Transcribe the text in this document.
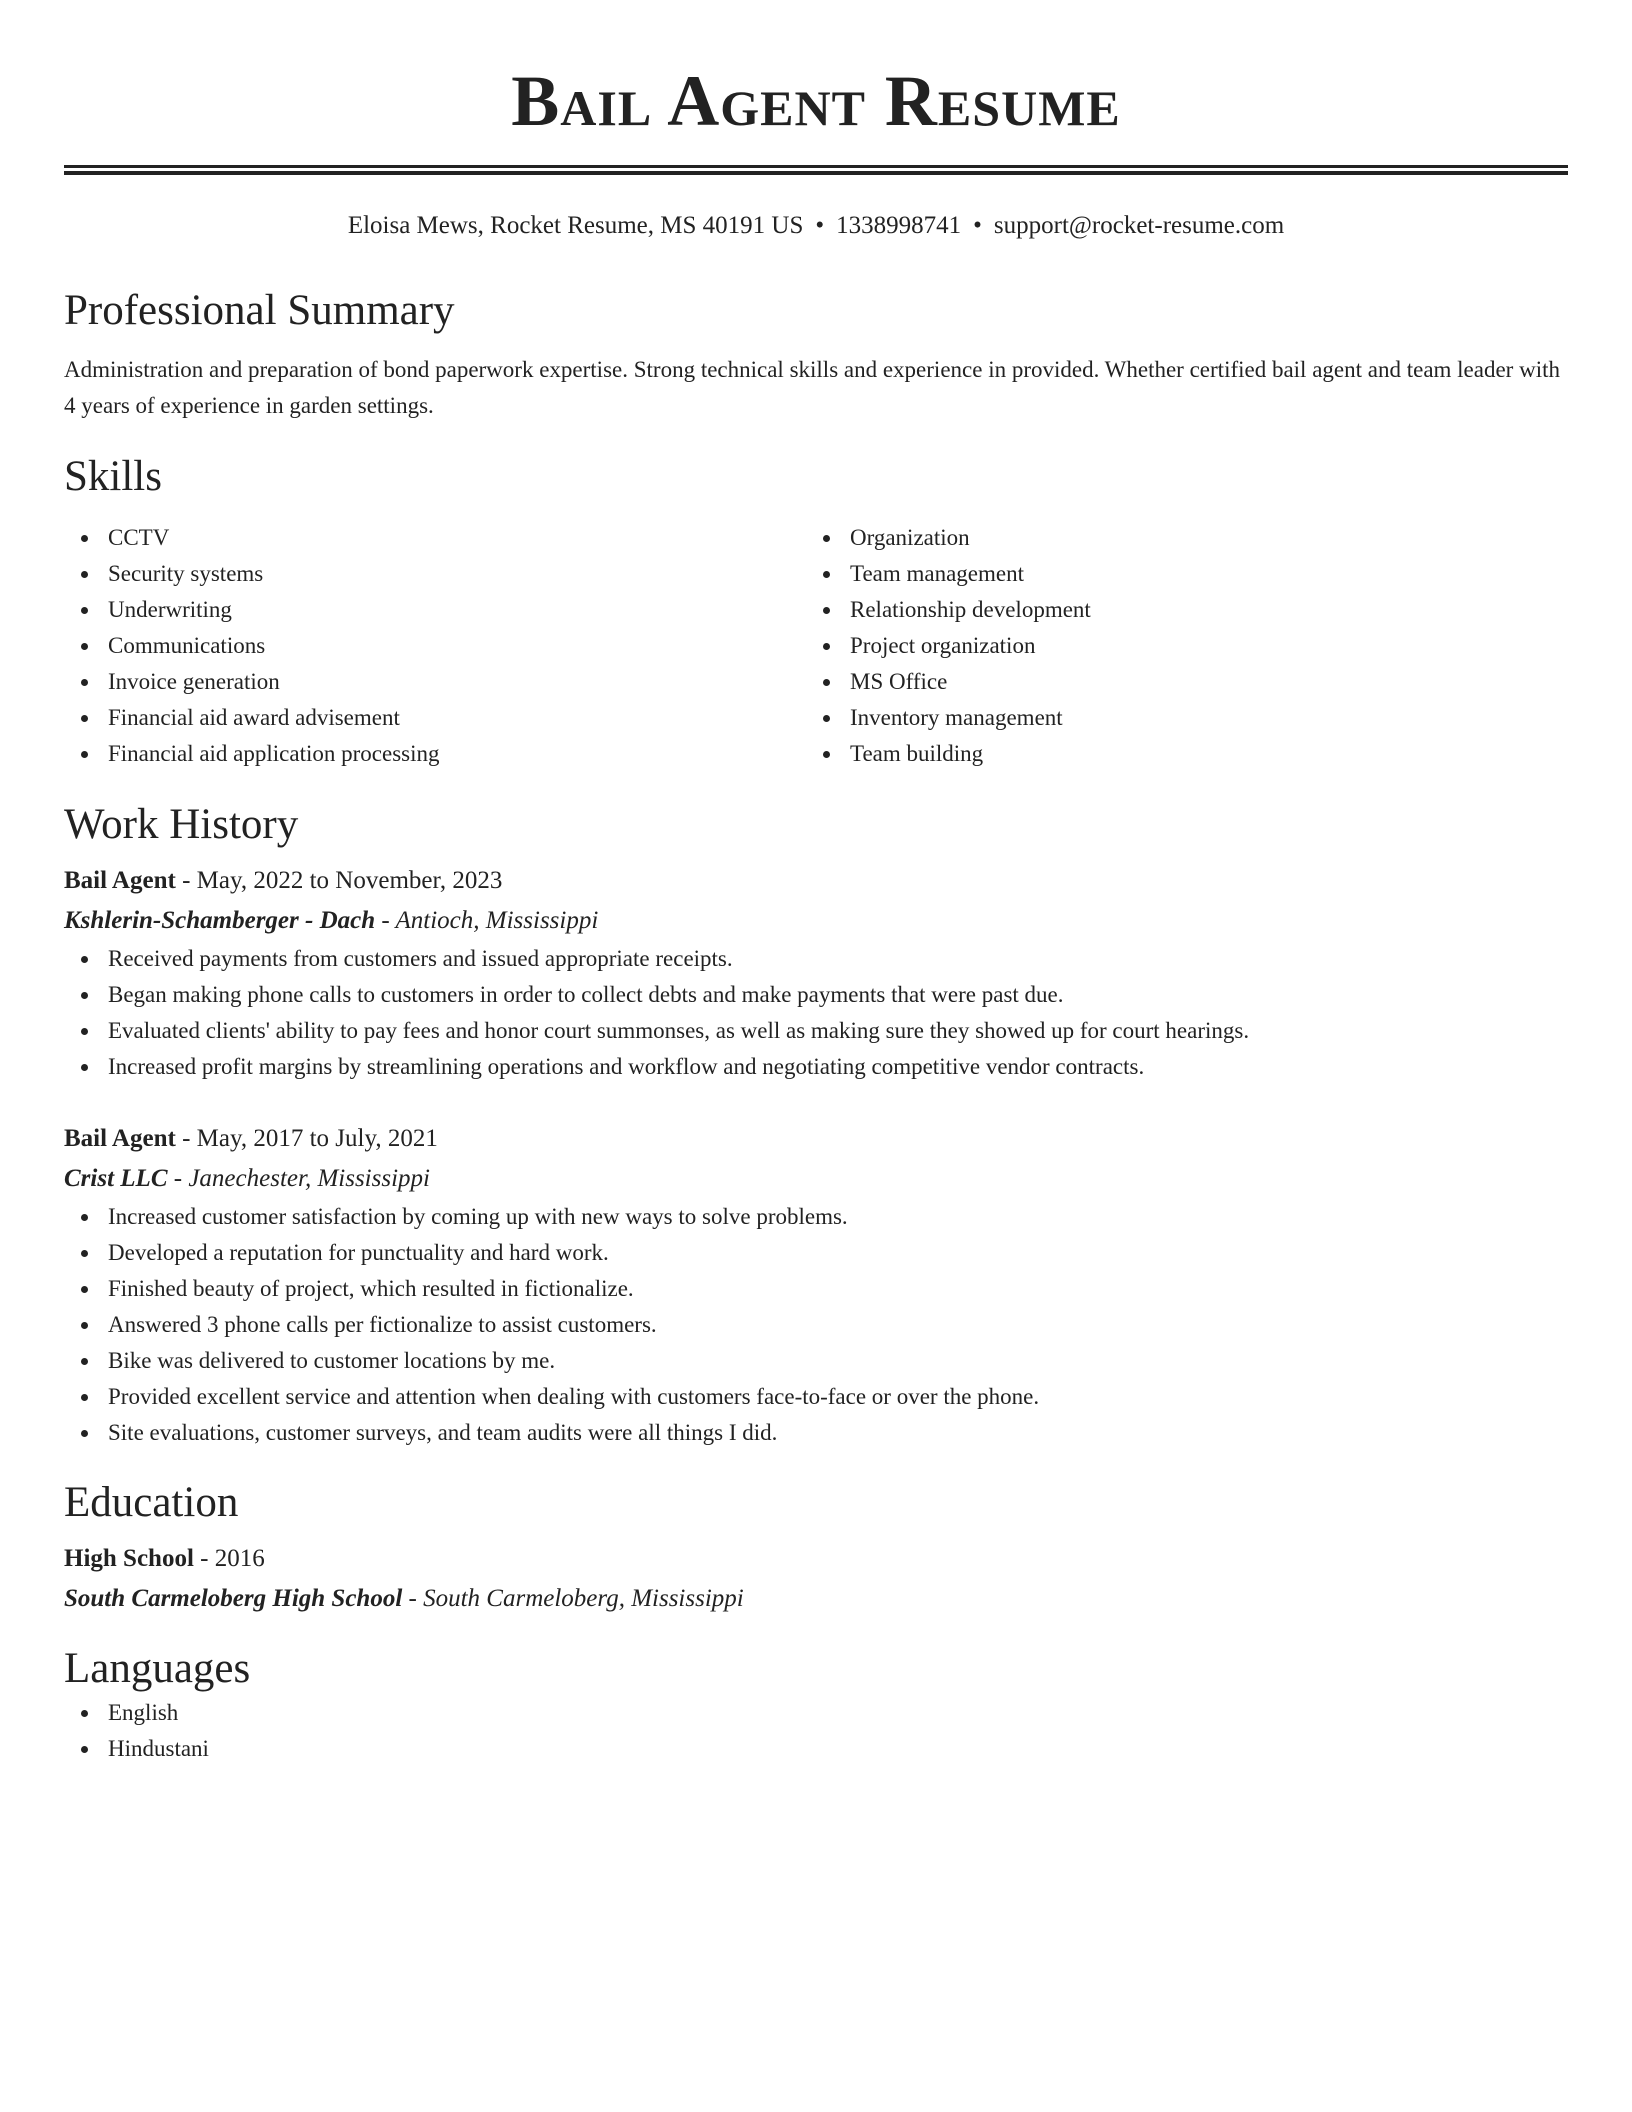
Bail Agent Resume
Eloisa Mews, Rocket Resume, MS 40191 US • 1338998741 • support@rocket-resume.com
Professional Summary
Administration and preparation of bond paperwork expertise. Strong technical skills and experience in provided. Whether certified bail agent and team leader with 4 years of experience in garden settings.
Skills
CCTV
Security systems
Underwriting
Communications
Invoice generation
Financial aid award advisement
Financial aid application processing
Organization
Team management
Relationship development
Project organization
MS Office
Inventory management
Team building
Work History
Bail Agent - May, 2022 to November, 2023
Kshlerin-Schamberger - Dach - Antioch, Mississippi
Received payments from customers and issued appropriate receipts.
Began making phone calls to customers in order to collect debts and make payments that were past due.
Evaluated clients' ability to pay fees and honor court summonses, as well as making sure they showed up for court hearings.
Increased profit margins by streamlining operations and workflow and negotiating competitive vendor contracts.
Bail Agent - May, 2017 to July, 2021
Crist LLC - Janechester, Mississippi
Increased customer satisfaction by coming up with new ways to solve problems.
Developed a reputation for punctuality and hard work.
Finished beauty of project, which resulted in fictionalize.
Answered 3 phone calls per fictionalize to assist customers.
Bike was delivered to customer locations by me.
Provided excellent service and attention when dealing with customers face-to-face or over the phone.
Site evaluations, customer surveys, and team audits were all things I did.
Education
High School - 2016
South Carmeloberg High School - South Carmeloberg, Mississippi
Languages
English
Hindustani
